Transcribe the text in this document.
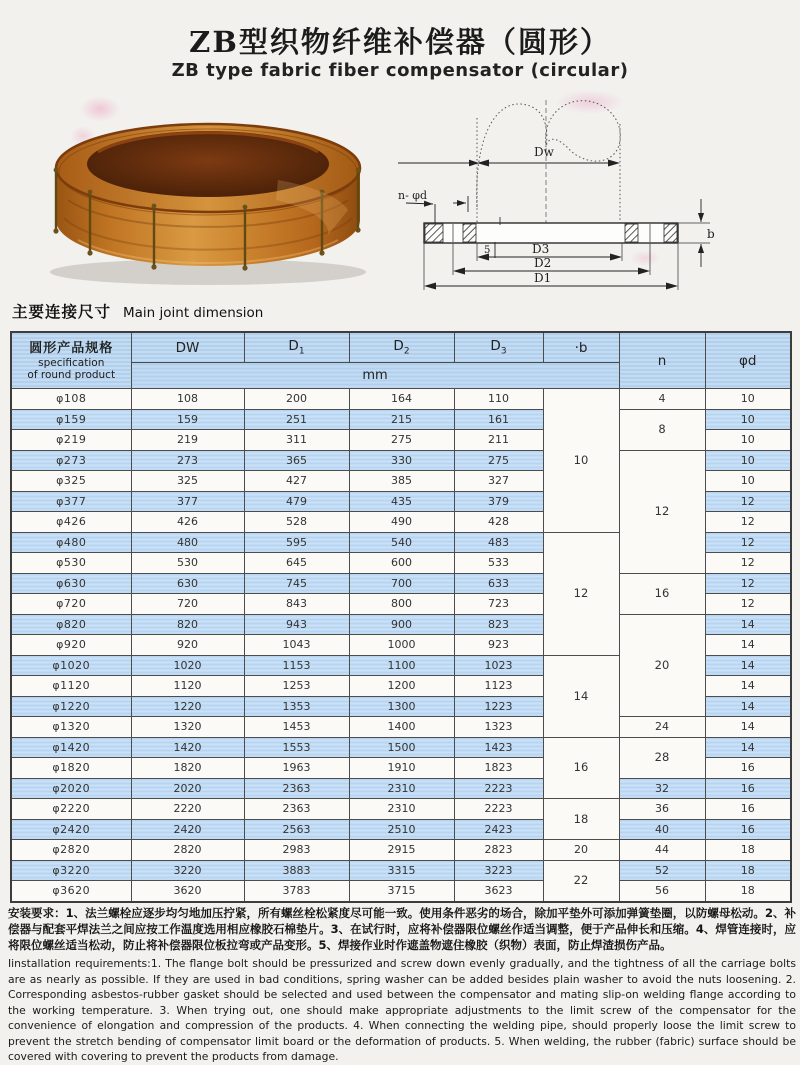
ZB型织物纤维补偿器（圆形）
ZB type fabric fiber compensator (circular)
Dw
n- φd
b
5	D3
D2
D1
主要连接尺寸 Main joint dimension
圆形产品规格
specification
of round product	DW	$D_1$	$D_2$	$D_3$	·b	n	φd
	mm						
φ108	108	200	164	110	10	4	10
φ159	159	251	215	161		8	10
φ219	219	311	275	211			10
φ273	273	365	330	275		12	10
φ325	325	427	385	327			10
φ377	377	479	435	379			12
φ426	426	528	490	428			12
φ480	480	595	540	483	12		12
φ530	530	645	600	533			12
φ630	630	745	700	633		16	12
φ720	720	843	800	723			12
φ820	820	943	900	823		20	14
φ920	920	1043	1000	923			14
φ1020	1020	1153	1100	1023	14		14
φ1120	1120	1253	1200	1123			14
φ1220	1220	1353	1300	1223			14
φ1320	1320	1453	1400	1323		24	14
φ1420	1420	1553	1500	1423	16	28	14
φ1820	1820	1963	1910	1823			16
φ2020	2020	2363	2310	2223		32	16
φ2220	2220	2363	2310	2223	18	36	16
φ2420	2420	2563	2510	2423		40	16
φ2820	2820	2983	2915	2823	20	44	18
φ3220	3220	3883	3315	3223	22	52	18
φ3620	3620	3783	3715	3623		56	18
安装要求：1、法兰螺栓应逐步均匀地加压拧紧，所有螺丝栓松紧度尽可能一致。使用条件恶劣的场合，除加平垫外可添加弹簧垫圈，以防螺母松动。2、补偿器与配套平焊法兰之间应按工作温度选用相应橡胶石棉垫片。3、在试行时，应将补偿器限位螺丝作适当调整，便于产品伸长和压缩。4、焊管连接时，应将限位螺丝适当松动，防止将补偿器限位板拉弯或产品变形。5、焊接作业时作遮盖物遮住橡胶（织物）表面，防止焊渣损伤产品。
Iinstallation requirements:1. The flange bolt should be pressurized and screw down evenly gradually, and the tightness of all the carriage bolts are as nearly as possible. If they are used in bad conditions, spring washer can be added besides plain washer to avoid the nuts loosening. 2. Corresponding asbestos-rubber gasket should be selected and used between the compensator and mating slip-on welding flange according to the working temperature. 3. When trying out, one should make appropriate adjustments to the limit screw of the compensator for the convenience of elongation and compression of the products. 4. When connecting the welding pipe, should properly loose the limit screw to prevent the stretch bending of compensator limit board or the deformation of products. 5. When welding, the rubber (fabric) surface should be covered with covering to prevent the products from damage.
